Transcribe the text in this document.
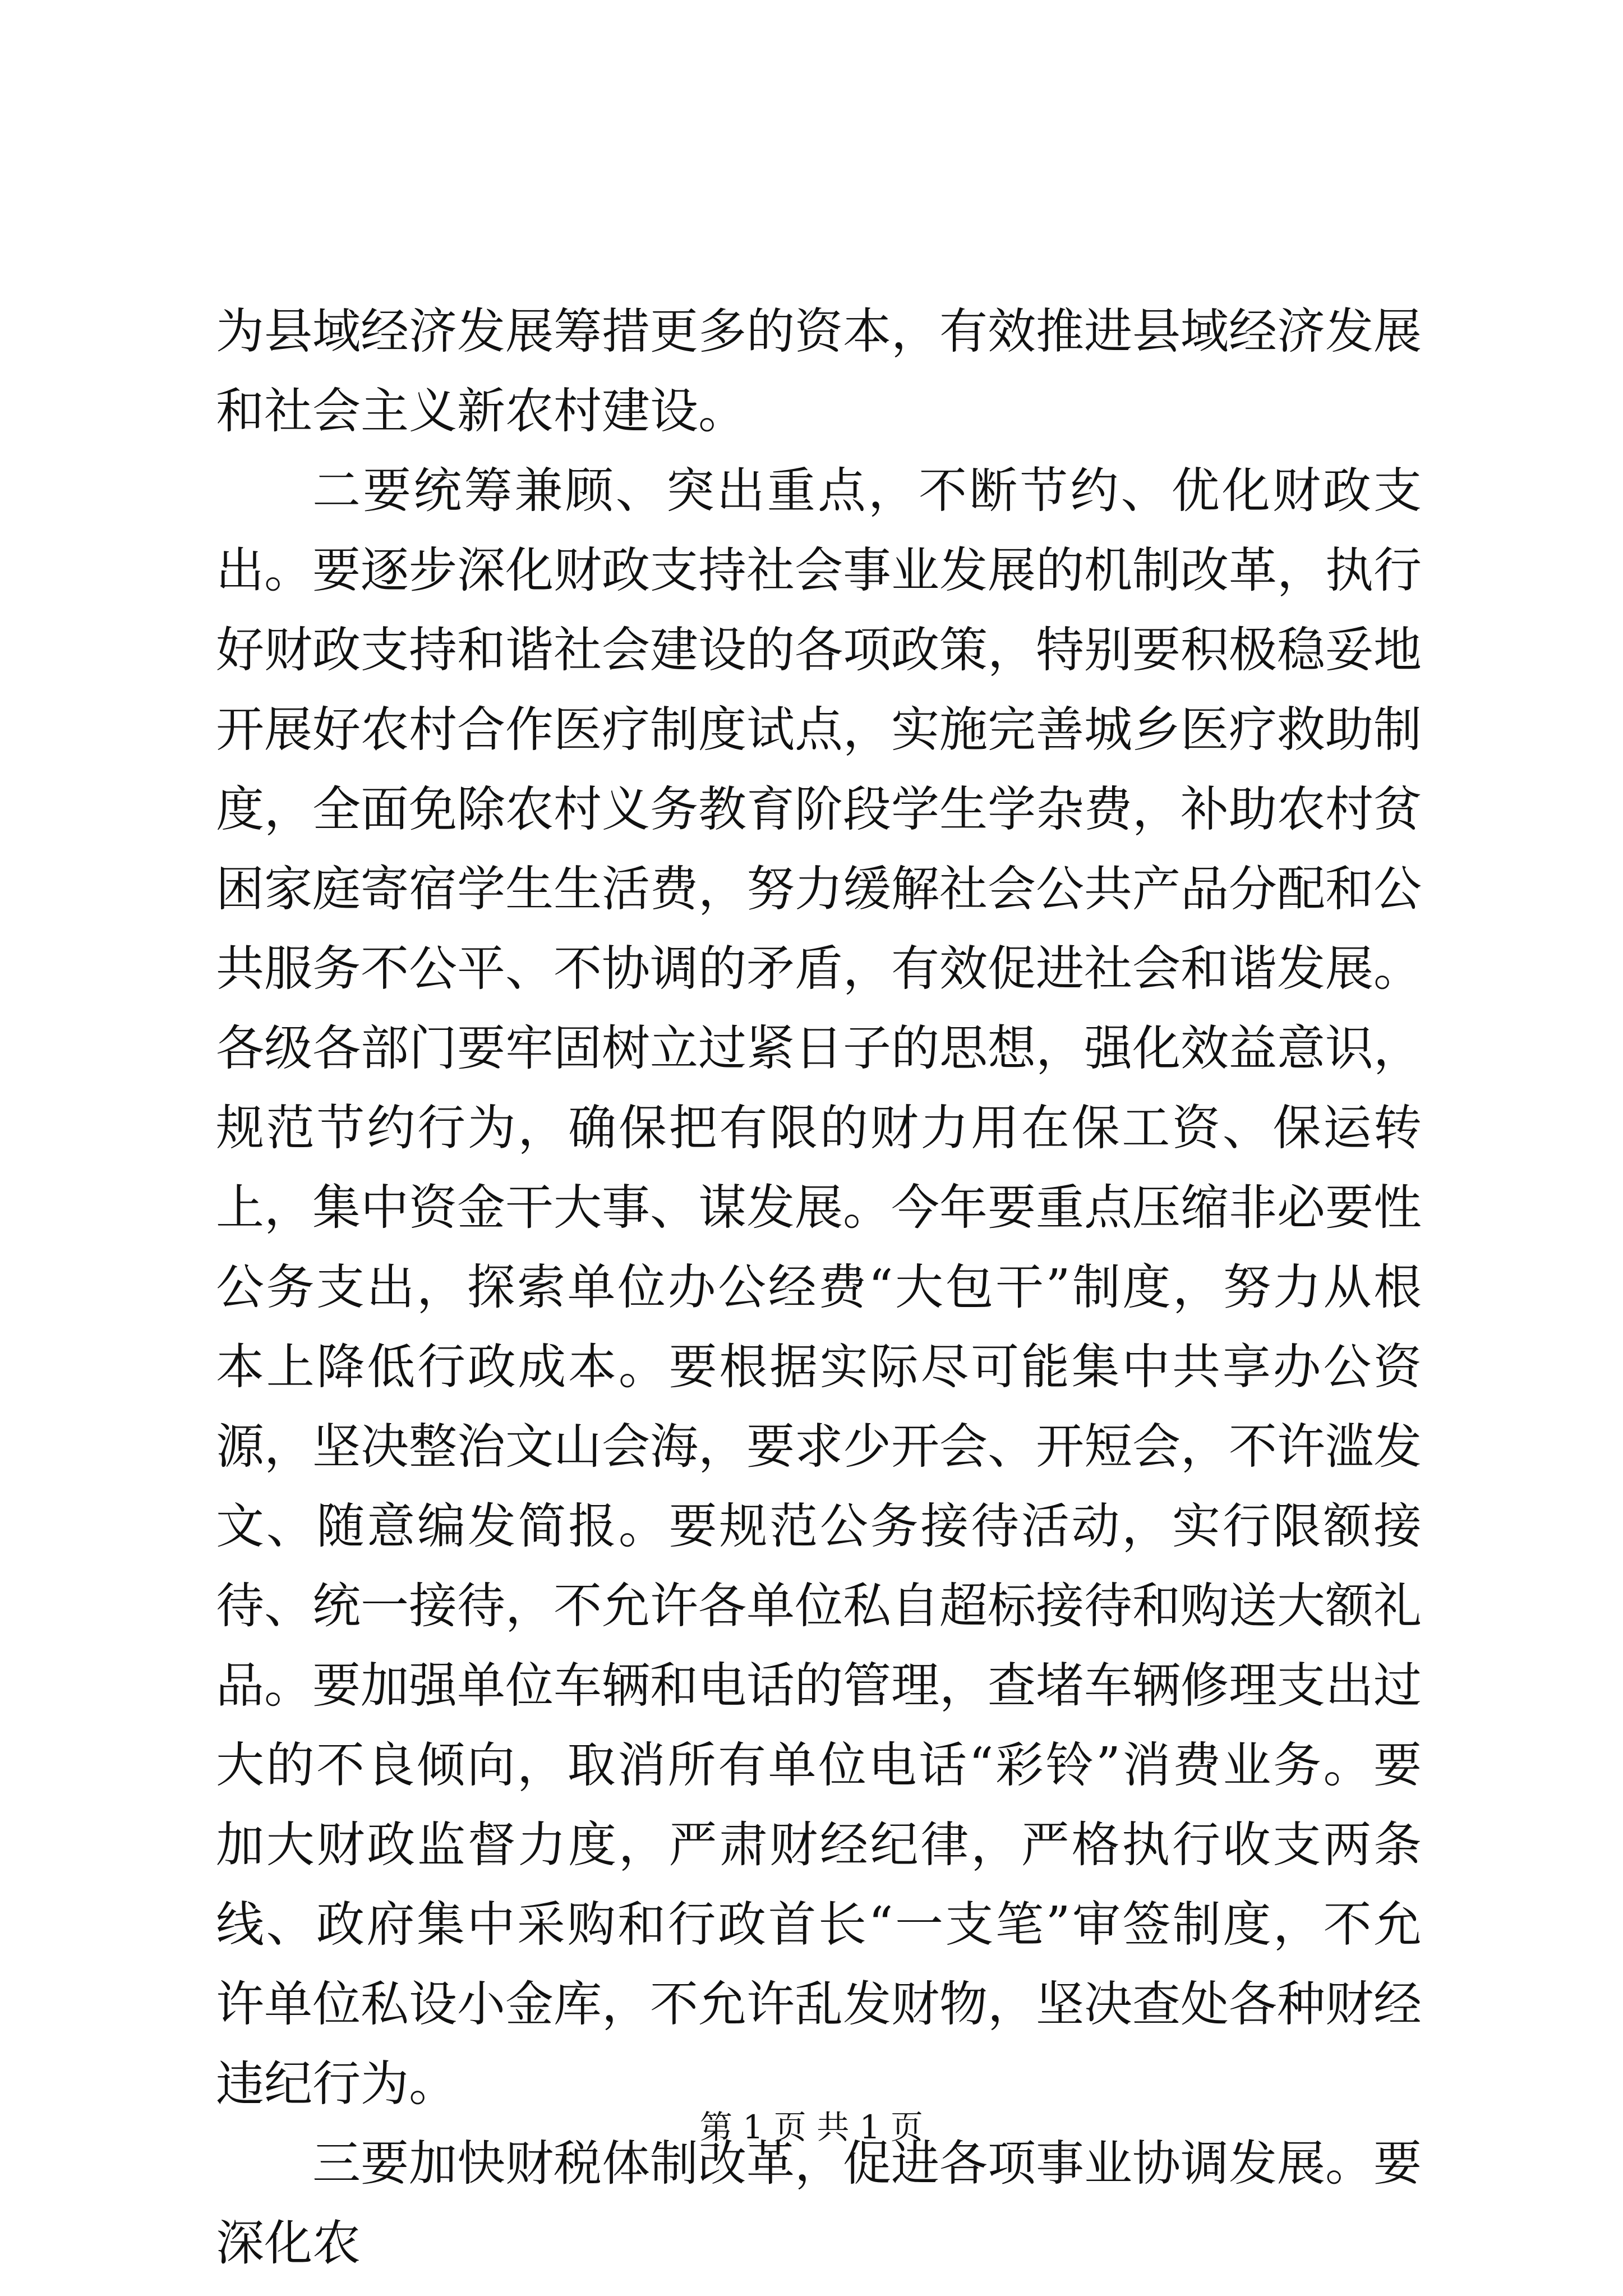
为县域经济发展筹措更多的资本，有效推进县域经济发展和社会主义新农村建设。

二要统筹兼顾、突出重点，不断节约、优化财政支出。要逐步深化财政支持社会事业发展的机制改革，执行好财政支持和谐社会建设的各项政策，特别要积极稳妥地开展好农村合作医疗制度试点，实施完善城乡医疗救助制度，全面免除农村义务教育阶段学生学杂费，补助农村贫困家庭寄宿学生生活费，努力缓解社会公共产品分配和公共服务不公平、不协调的矛盾，有效促进社会和谐发展。各级各部门要牢固树立过紧日子的思想，强化效益意识，规范节约行为，确保把有限的财力用在保工资、保运转上，集中资金干大事、谋发展。今年要重点压缩非必要性公务支出，探索单位办公经费“大包干”制度，努力从根本上降低行政成本。要根据实际尽可能集中共享办公资源，坚决整治文山会海，要求少开会、开短会，不许滥发文、随意编发简报。要规范公务接待活动，实行限额接待、统一接待，不允许各单位私自超标接待和购送大额礼品。要加强单位车辆和电话的管理，查堵车辆修理支出过大的不良倾向，取消所有单位电话“彩铃”消费业务。要加大财政监督力度，严肃财经纪律，严格执行收支两条线、政府集中采购和行政首长“一支笔”审签制度，不允许单位私设小金库，不允许乱发财物，坚决查处各种财经违纪行为。

三要加快财税体制改革，促进各项事业协调发展。要深化农

第 1 页 共 1 页
